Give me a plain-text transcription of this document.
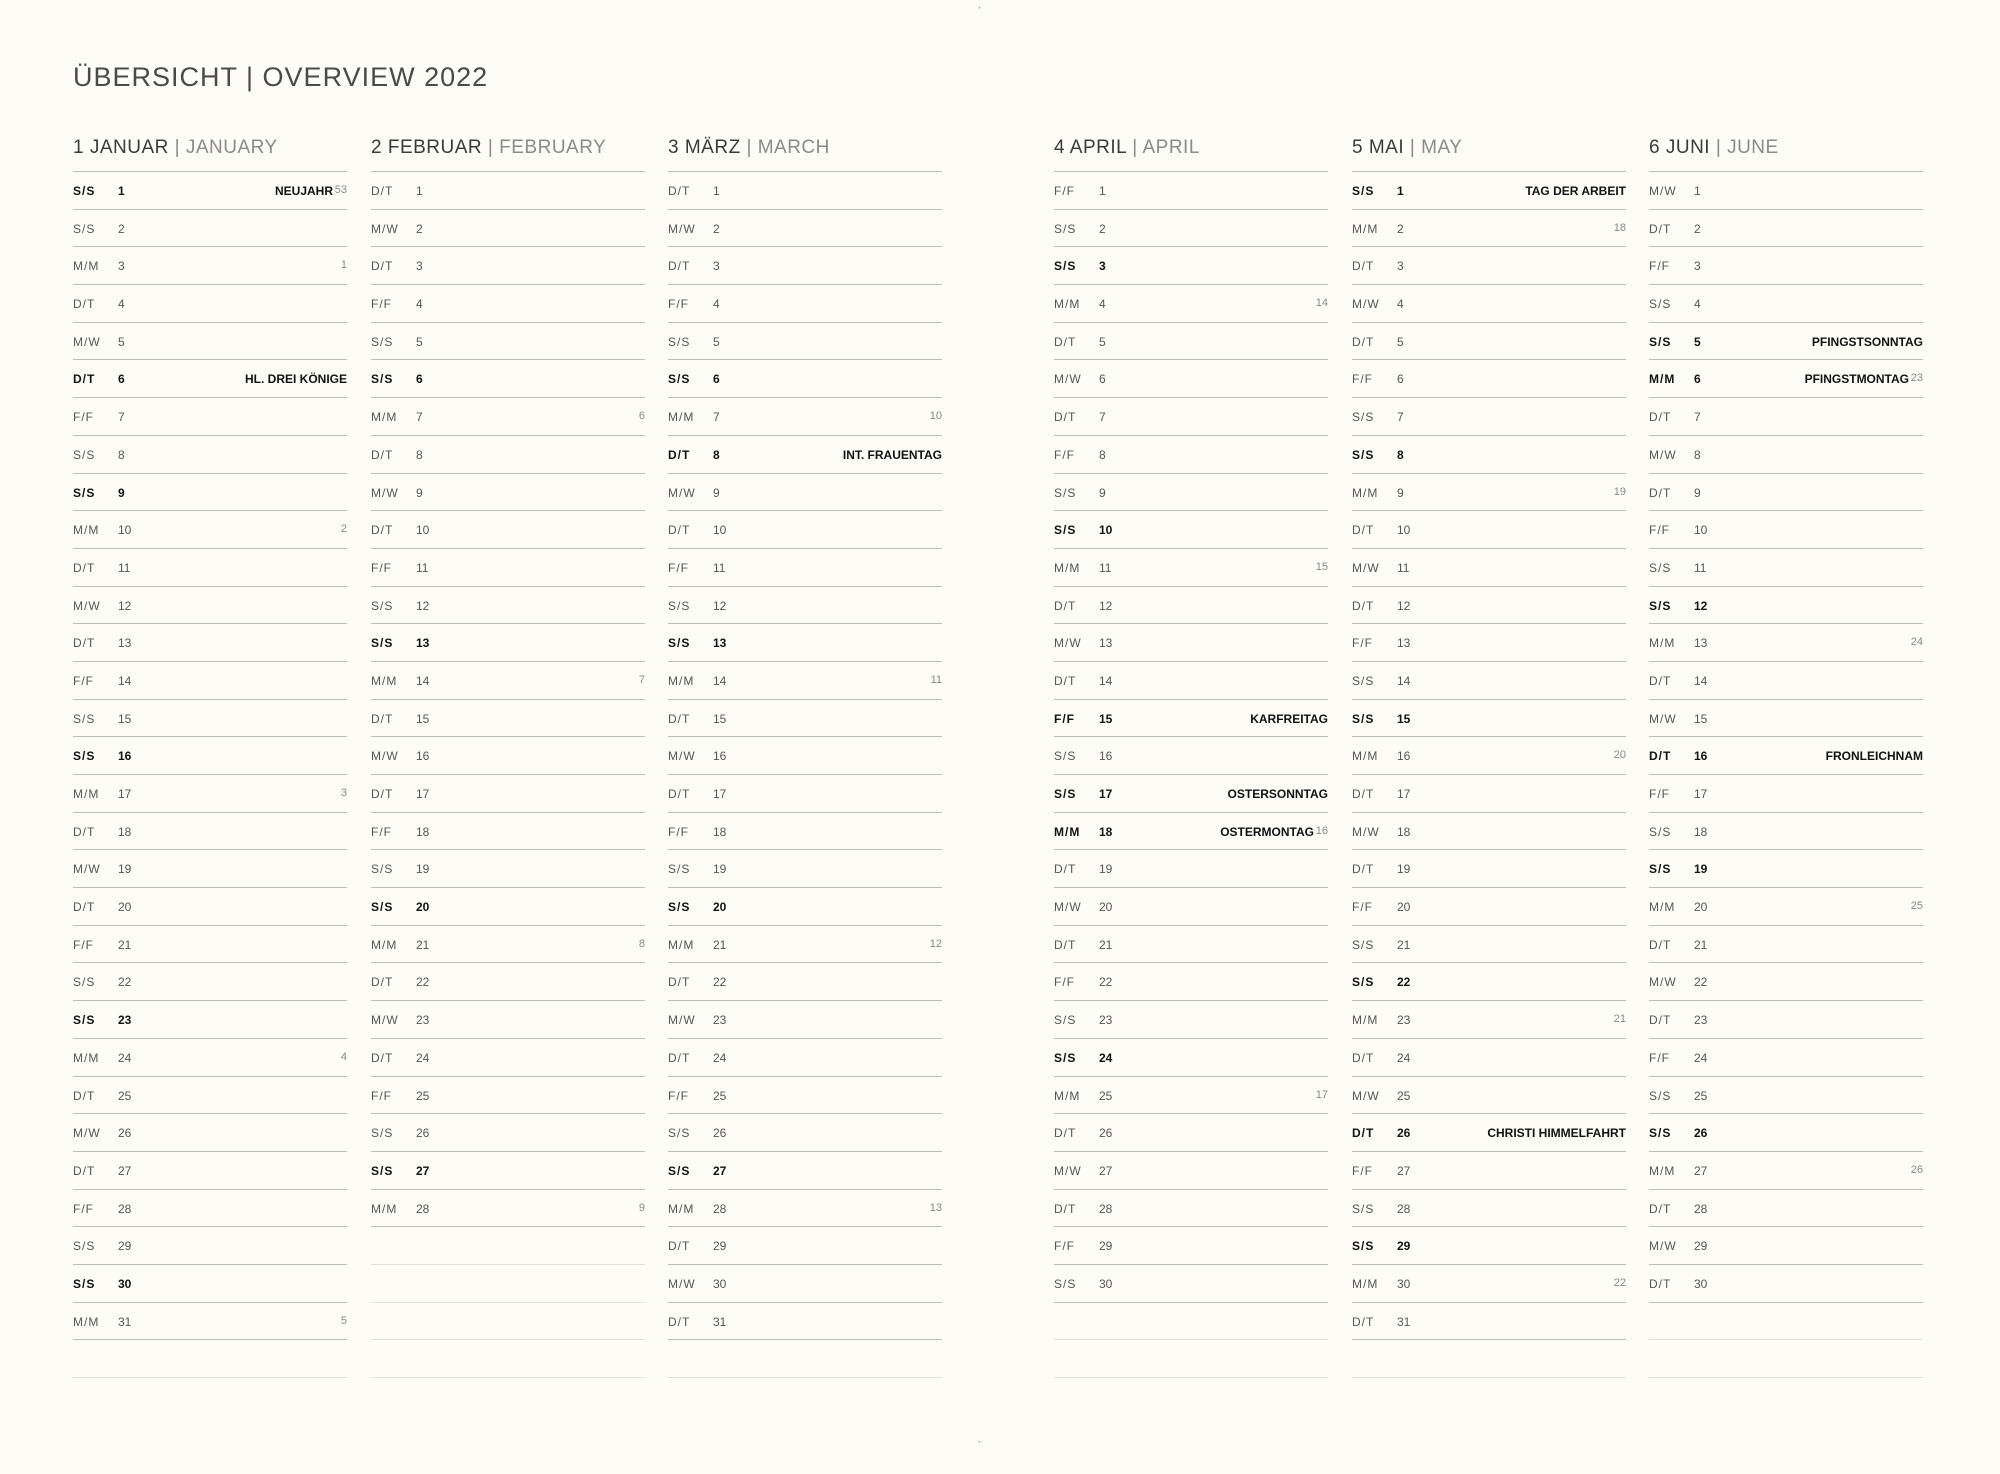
ÜBERSICHT | OVERVIEW 2022
1 JANUAR | JANUARY
S/S 1	NEUJAHR 53
S/S 2
M/M 3	1
D/T 4
M/W 5
D/T 6	HL. DREI KÖNIGE
F/F 7
S/S 8
S/S 9
M/M 10	2
D/T 11
M/W 12
D/T 13
F/F 14
S/S 15
S/S 16
M/M 17	3
D/T 18
M/W 19
D/T 20
F/F 21
S/S 22
S/S 23
M/M 24	4
D/T 25
M/W 26
D/T 27
F/F 28
S/S 29
S/S 30
M/M 31	5
2 FEBRUAR | FEBRUARY
D/T 1
M/W 2
D/T 3
F/F 4
S/S 5
S/S 6
M/M 7	6
D/T 8
M/W 9
D/T 10
F/F 11
S/S 12
S/S 13
M/M 14	7
D/T 15
M/W 16
D/T 17
F/F 18
S/S 19
S/S 20
M/M 21	8
D/T 22
M/W 23
D/T 24
F/F 25
S/S 26
S/S 27
M/M 28	9
3 MÄRZ | MARCH
D/T 1
M/W 2
D/T 3
F/F 4
S/S 5
S/S 6
M/M 7	10
D/T 8	INT. FRAUENTAG
M/W 9
D/T 10
F/F 11
S/S 12
S/S 13
M/M 14	11
D/T 15
M/W 16
D/T 17
F/F 18
S/S 19
S/S 20
M/M 21	12
D/T 22
M/W 23
D/T 24
F/F 25
S/S 26
S/S 27
M/M 28	13
D/T 29
M/W 30
D/T 31
4 APRIL | APRIL
F/F 1
S/S 2
S/S 3
M/M 4	14
D/T 5
M/W 6
D/T 7
F/F 8
S/S 9
S/S 10
M/M 11	15
D/T 12
M/W 13
D/T 14
F/F 15	KARFREITAG
S/S 16
S/S 17	OSTERSONNTAG
M/M 18	OSTERMONTAG 16
D/T 19
M/W 20
D/T 21
F/F 22
S/S 23
S/S 24
M/M 25	17
D/T 26
M/W 27
D/T 28
F/F 29
S/S 30
5 MAI | MAY
S/S 1	TAG DER ARBEIT
M/M 2	18
D/T 3
M/W 4
D/T 5
F/F 6
S/S 7
S/S 8
M/M 9	19
D/T 10
M/W 11
D/T 12
F/F 13
S/S 14
S/S 15
M/M 16	20
D/T 17
M/W 18
D/T 19
F/F 20
S/S 21
S/S 22
M/M 23	21
D/T 24
M/W 25
D/T 26	CHRISTI HIMMELFAHRT
F/F 27
S/S 28
S/S 29
M/M 30	22
D/T 31
6 JUNI | JUNE
M/W 1
D/T 2
F/F 3
S/S 4
S/S 5	PFINGSTSONNTAG
M/M 6	PFINGSTMONTAG 23
D/T 7
M/W 8
D/T 9
F/F 10
S/S 11
S/S 12
M/M 13	24
D/T 14
M/W 15
D/T 16	FRONLEICHNAM
F/F 17
S/S 18
S/S 19
M/M 20	25
D/T 21
M/W 22
D/T 23
F/F 24
S/S 25
S/S 26
M/M 27	26
D/T 28
M/W 29
D/T 30
´
´
